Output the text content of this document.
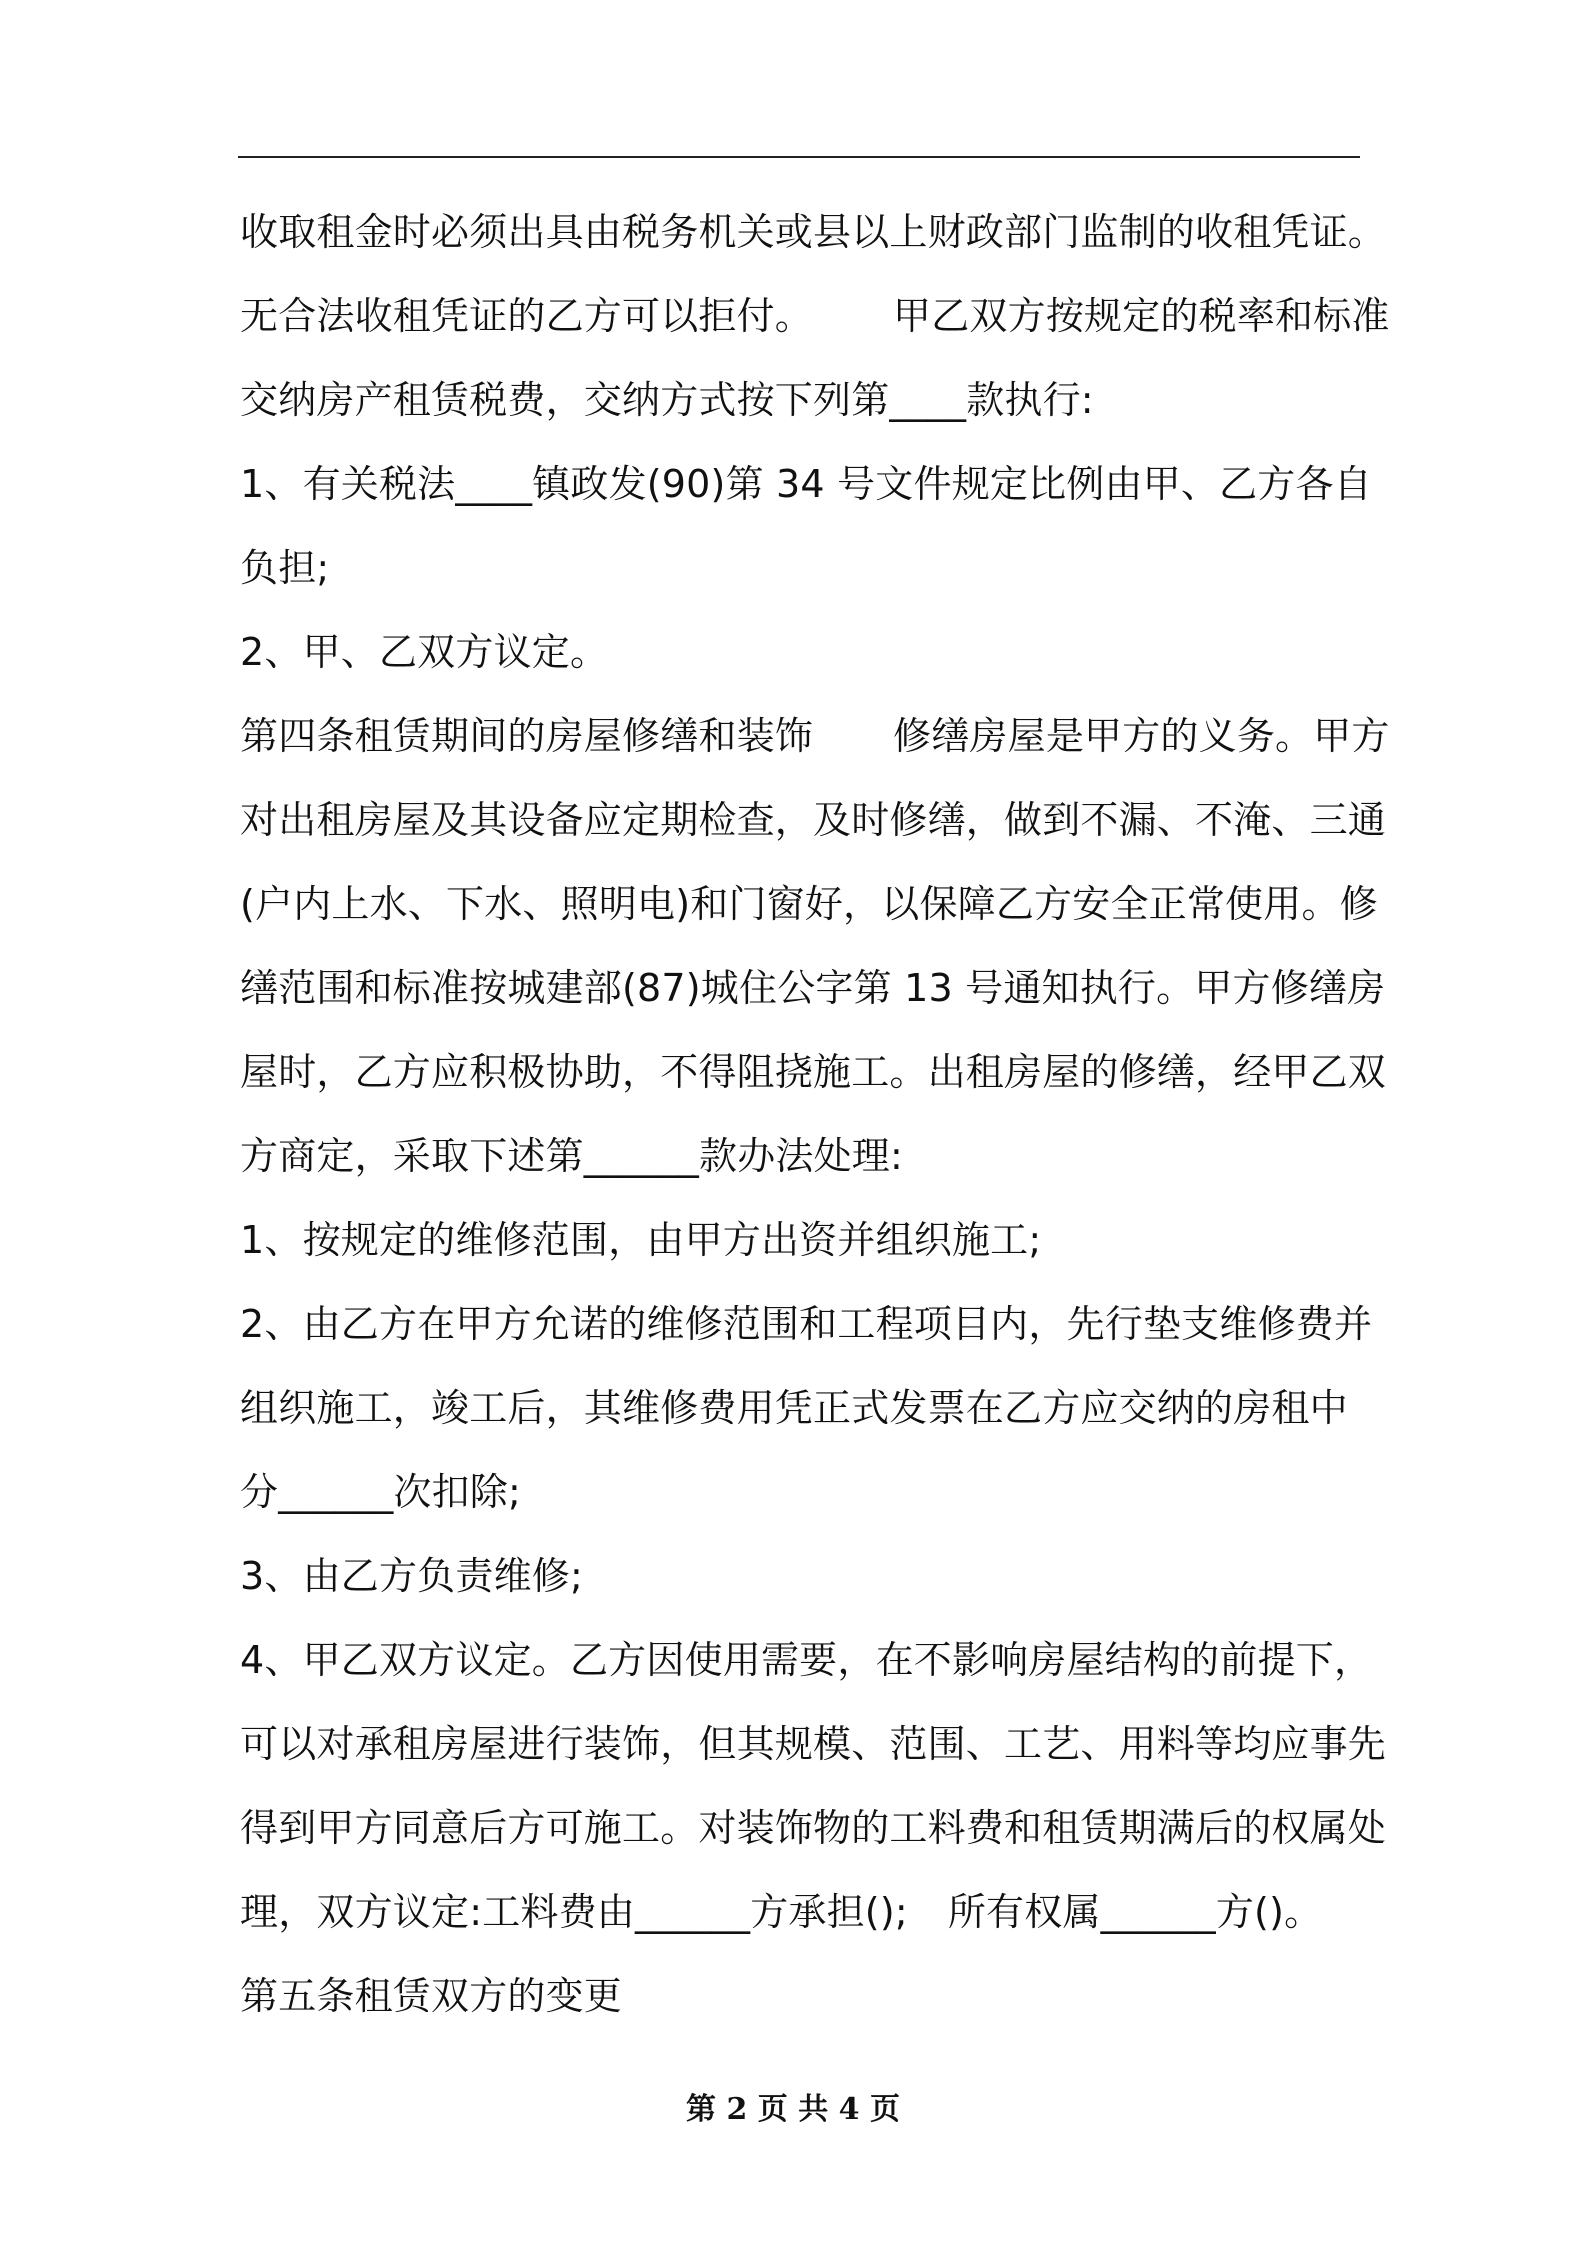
收取租金时必须出具由税务机关或县以上财政部门监制的收租凭证。
无合法收租凭证的乙方可以拒付。 甲乙双方按规定的税率和标准
交纳房产租赁税费，交纳方式按下列第____款执行:
1、有关税法____镇政发(90)第 34 号文件规定比例由甲、乙方各自
负担;
2、甲、乙双方议定。
第四条租赁期间的房屋修缮和装饰 修缮房屋是甲方的义务。甲方
对出租房屋及其设备应定期检查，及时修缮，做到不漏、不淹、三通
(户内上水、下水、照明电)和门窗好，以保障乙方安全正常使用。修
缮范围和标准按城建部(87)城住公字第 13 号通知执行。甲方修缮房
屋时，乙方应积极协助，不得阻挠施工。出租房屋的修缮，经甲乙双
方商定，采取下述第______款办法处理:
1、按规定的维修范围，由甲方出资并组织施工;
2、由乙方在甲方允诺的维修范围和工程项目内，先行垫支维修费并
组织施工，竣工后，其维修费用凭正式发票在乙方应交纳的房租中
分______次扣除;
3、由乙方负责维修;
4、甲乙双方议定。乙方因使用需要，在不影响房屋结构的前提下，
可以对承租房屋进行装饰，但其规模、范围、工艺、用料等均应事先
得到甲方同意后方可施工。对装饰物的工料费和租赁期满后的权属处
理，双方议定:工料费由______方承担(); 所有权属______方()。
第五条租赁双方的变更
第 2 页 共 4 页
